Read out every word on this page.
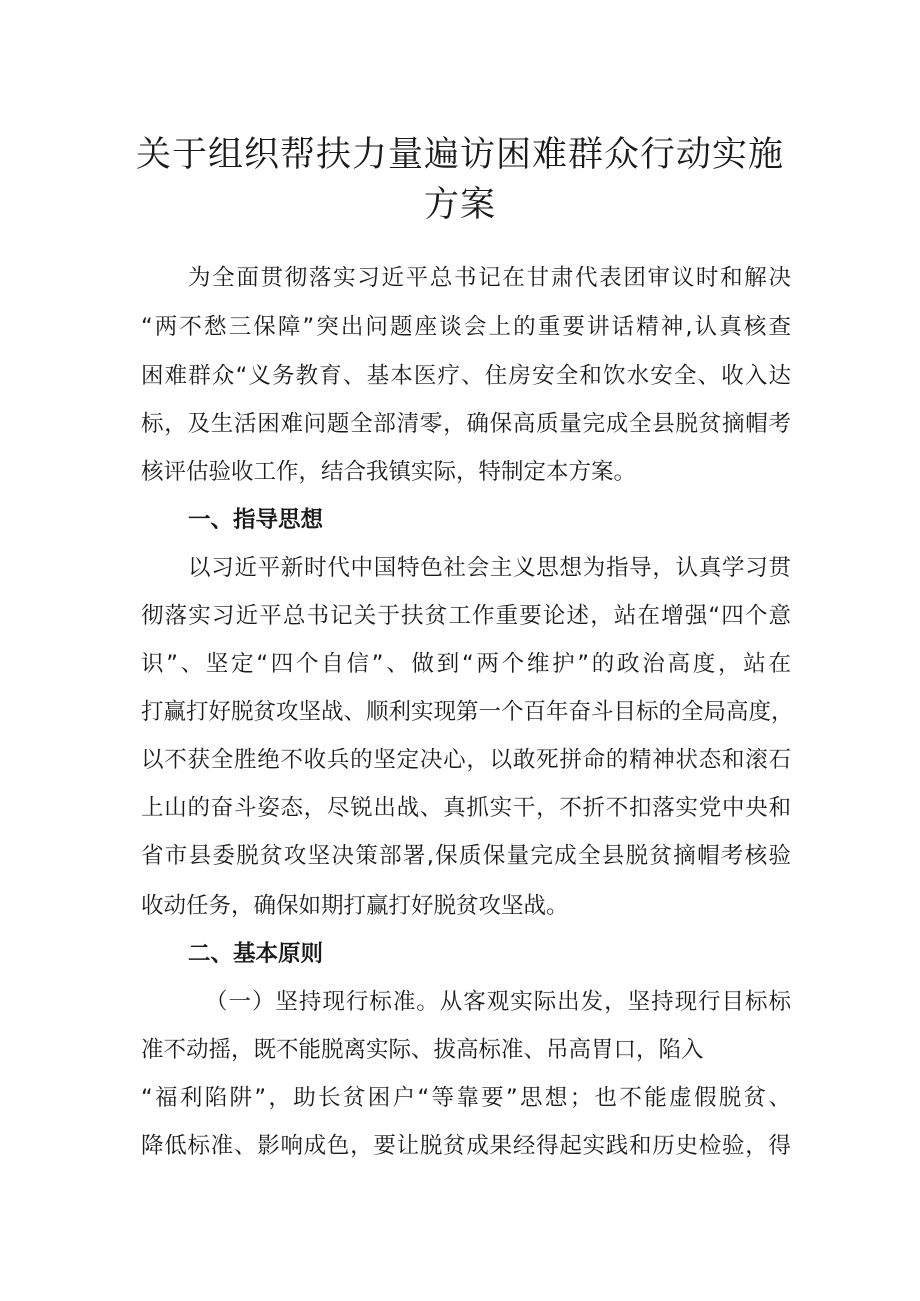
关于组织帮扶力量遍访困难群众行动实施
方案
为全面贯彻落实习近平总书记在甘肃代表团审议时和解决
“两不愁三保障”突出问题座谈会上的重要讲话精神,认真核查
困难群众“义务教育、基本医疗、住房安全和饮水安全、收入达
标，及生活困难问题全部清零，确保高质量完成全县脱贫摘帽考
核评估验收工作，结合我镇实际，特制定本方案。
一、指导思想
以习近平新时代中国特色社会主义思想为指导，认真学习贯
彻落实习近平总书记关于扶贫工作重要论述，站在增强“四个意
识”、坚定“四个自信”、做到“两个维护”的政治高度，站在
打赢打好脱贫攻坚战、顺利实现第一个百年奋斗目标的全局高度，
以不获全胜绝不收兵的坚定决心，以敢死拼命的精神状态和滚石
上山的奋斗姿态，尽锐出战、真抓实干，不折不扣落实党中央和
省市县委脱贫攻坚决策部署,保质保量完成全县脱贫摘帽考核验
收动任务，确保如期打赢打好脱贫攻坚战。
二、基本原则
（一）坚持现行标准。从客观实际出发，坚持现行目标标
准不动摇，既不能脱离实际、拔高标准、吊高胃口，陷入
“福利陷阱”，助长贫困户“等靠要”思想；也不能虚假脱贫、
降低标准、影响成色，要让脱贫成果经得起实践和历史检验，得
